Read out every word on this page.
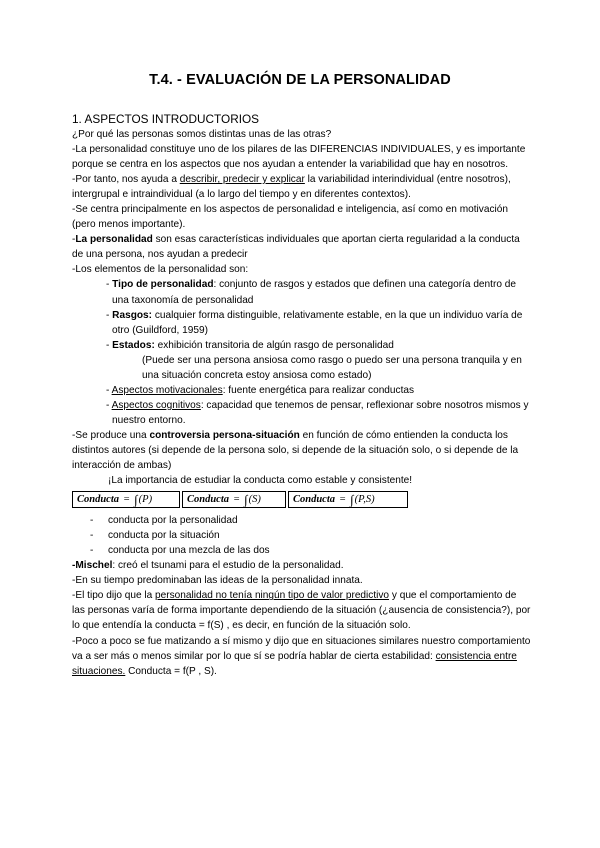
T.4. - EVALUACIÓN DE LA PERSONALIDAD

1. ASPECTOS INTRODUCTORIOS

¿Por qué las personas somos distintas unas de las otras?

-La personalidad constituye uno de los pilares de las DIFERENCIAS INDIVIDUALES, y es importante porque se centra en los aspectos que nos ayudan a entender la variabilidad que hay en nosotros.

-Por tanto, nos ayuda a describir, predecir y explicar la variabilidad interindividual (entre nosotros), intergrupal e intraindividual (a lo largo del tiempo y en diferentes contextos).

-Se centra principalmente en los aspectos de personalidad e inteligencia, así como en motivación (pero menos importante).

-La personalidad son esas características individuales que aportan cierta regularidad a la conducta de una persona, nos ayudan a predecir

-Los elementos de la personalidad son:

- Tipo de personalidad: conjunto de rasgos y estados que definen una categoría dentro de una taxonomía de personalidad

- Rasgos: cualquier forma distinguible, relativamente estable, en la que un individuo varía de otro (Guildford, 1959)

- Estados: exhibición transitoria de algún rasgo de personalidad

(Puede ser una persona ansiosa como rasgo o puedo ser una persona tranquila y en una situación concreta estoy ansiosa como estado)

- Aspectos motivacionales: fuente energética para realizar conductas

- Aspectos cognitivos: capacidad que tenemos de pensar, reflexionar sobre nosotros mismos y nuestro entorno.

-Se produce una controversia persona-situación en función de cómo entienden la conducta los distintos autores (si depende de la persona solo, si depende de la situación solo, o si depende de la interacción de ambas)

¡La importancia de estudiar la conducta como estable y consistente!

Conducta = ∫ (P)	Conducta = ∫ (S)	Conducta = ∫ (P,S)
-	conducta por la personalidad
-	conducta por la situación
-	conducta por una mezcla de las dos

-Mischel: creó el tsunami para el estudio de la personalidad.

-En su tiempo predominaban las ideas de la personalidad innata.

-El tipo dijo que la personalidad no tenía ningún tipo de valor predictivo y que el comportamiento de las personas varía de forma importante dependiendo de la situación (¿ausencia de consistencia?), por lo que entendía la conducta = f(S) , es decir, en función de la situación solo.

-Poco a poco se fue matizando a sí mismo y dijo que en situaciones similares nuestro comportamiento va a ser más o menos similar por lo que sí se podría hablar de cierta estabilidad: consistencia entre situaciones. Conducta = f(P , S).
